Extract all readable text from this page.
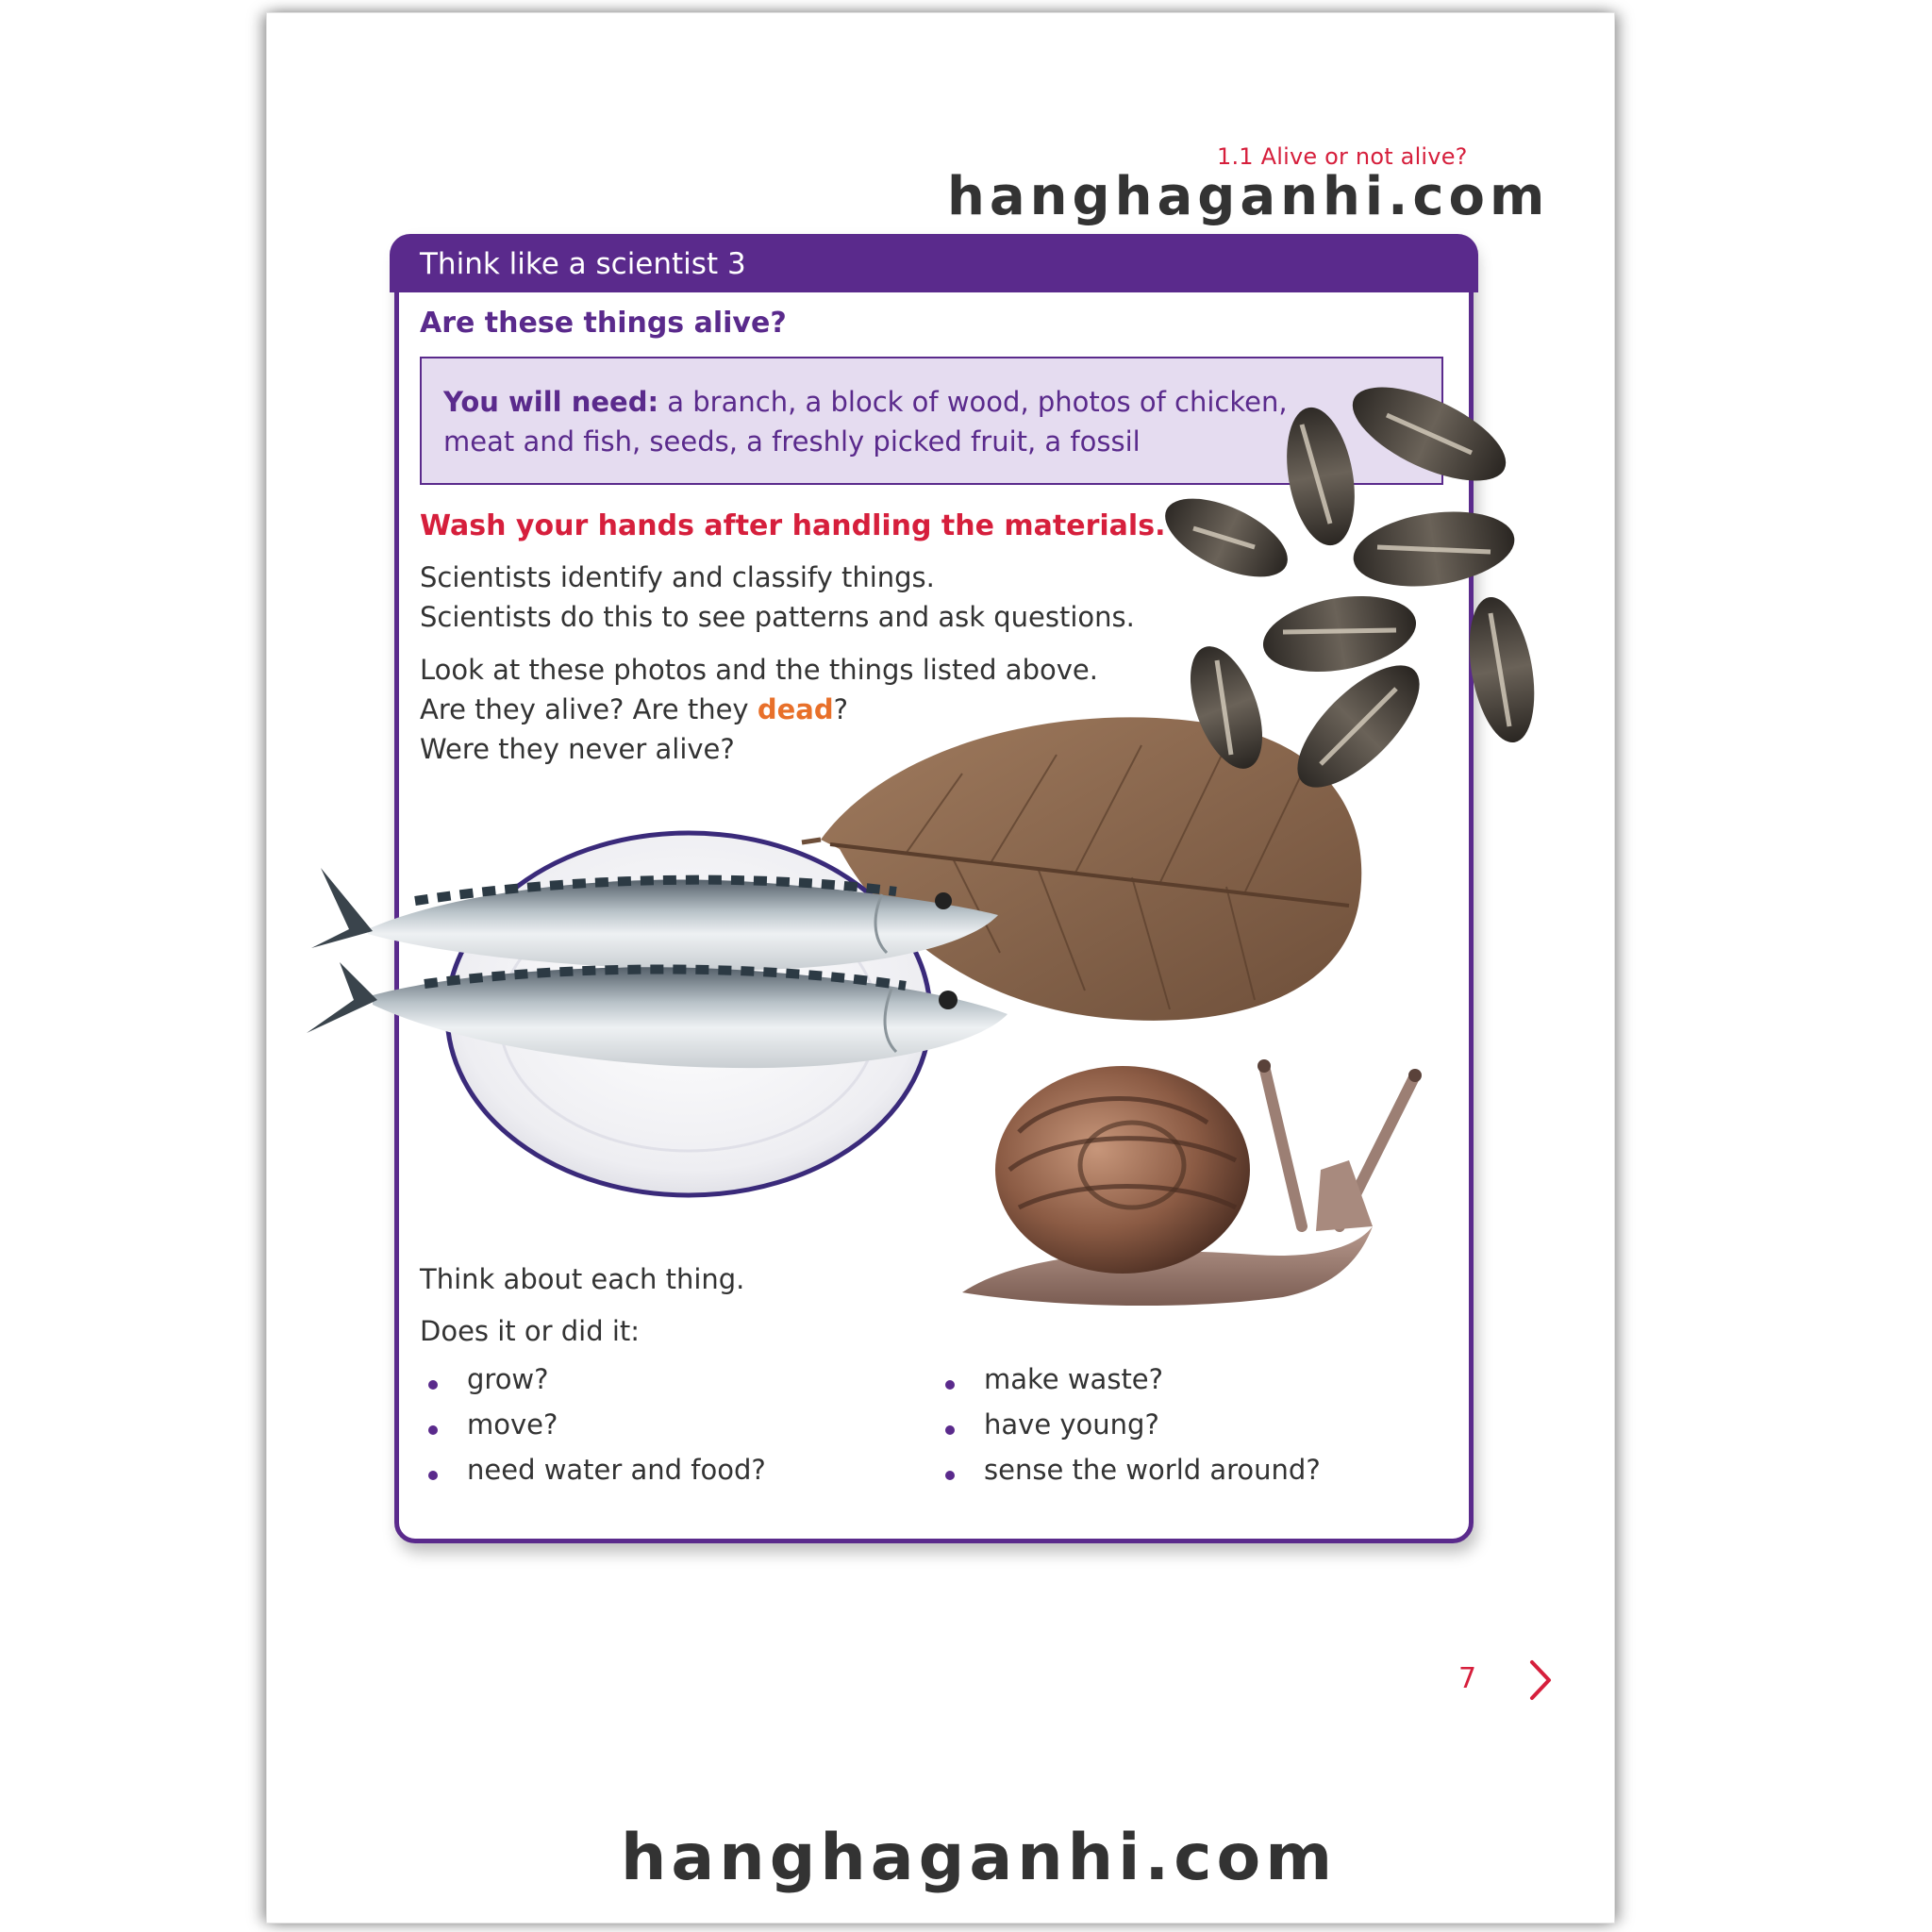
1.1 Alive or not alive?
hanghaganhi.com
Think like a scientist 3
Are these things alive?
You will need: a branch, a block of wood, photos of chicken, meat and fish, seeds, a freshly picked fruit, a fossil
Wash your hands after handling the materials.
Scientists identify and classify things.
Scientists do this to see patterns and ask questions.
Look at these photos and the things listed above.
Are they alive? Are they dead?
Were they never alive?
Think about each thing.
Does it or did it:
grow?
move?
need water and food?
make waste?
have young?
sense the world around?
7
hanghaganhi.com
